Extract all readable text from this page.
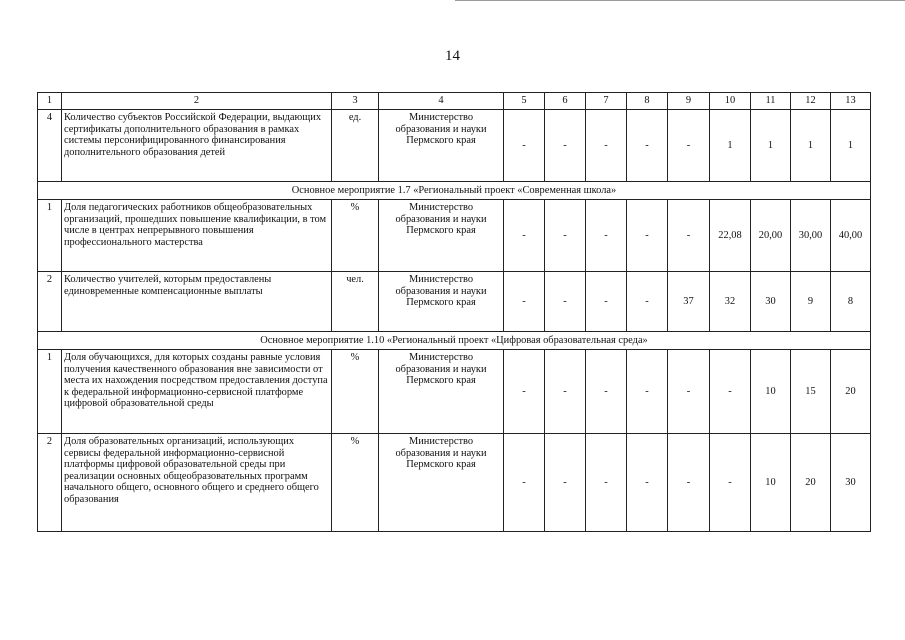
14
1	2	3	4	5	6	7	8	9	10	11	12	13
4	Количество субъектов Российской Федерации, выдающих сертификаты дополнительного образования в рамках системы персонифицированного финансирования дополнительного образования детей	ед.	Министерство образования и науки Пермского края	-	-	-	-	-	1	1	1	1
Основное мероприятие 1.7 «Региональный проект «Современная школа»												
1	Доля педагогических работников общеобразовательных организаций, прошедших повышение квалификации, в том числе в центрах непрерывного повышения профессионального мастерства	%	Министерство образования и науки Пермского края	-	-	-	-	-	22,08	20,00	30,00	40,00
2	Количество учителей, которым предоставлены единовременные компенсационные выплаты	чел.	Министерство образования и науки Пермского края	-	-	-	-	37	32	30	9	8
Основное мероприятие 1.10 «Региональный проект «Цифровая образовательная среда»												
1	Доля обучающихся, для которых созданы равные условия получения качественного образования вне зависимости от места их нахождения посредством предоставления доступа к федеральной информационно-сервисной платформе цифровой образовательной среды	%	Министерство образования и науки Пермского края	-	-	-	-	-	-	10	15	20
2	Доля образовательных организаций, использующих сервисы федеральной информационно-сервисной платформы цифровой образовательной среды при реализации основных общеобразовательных программ начального общего, основного общего и среднего общего образования	%	Министерство образования и науки Пермского края	-	-	-	-	-	-	10	20	30
